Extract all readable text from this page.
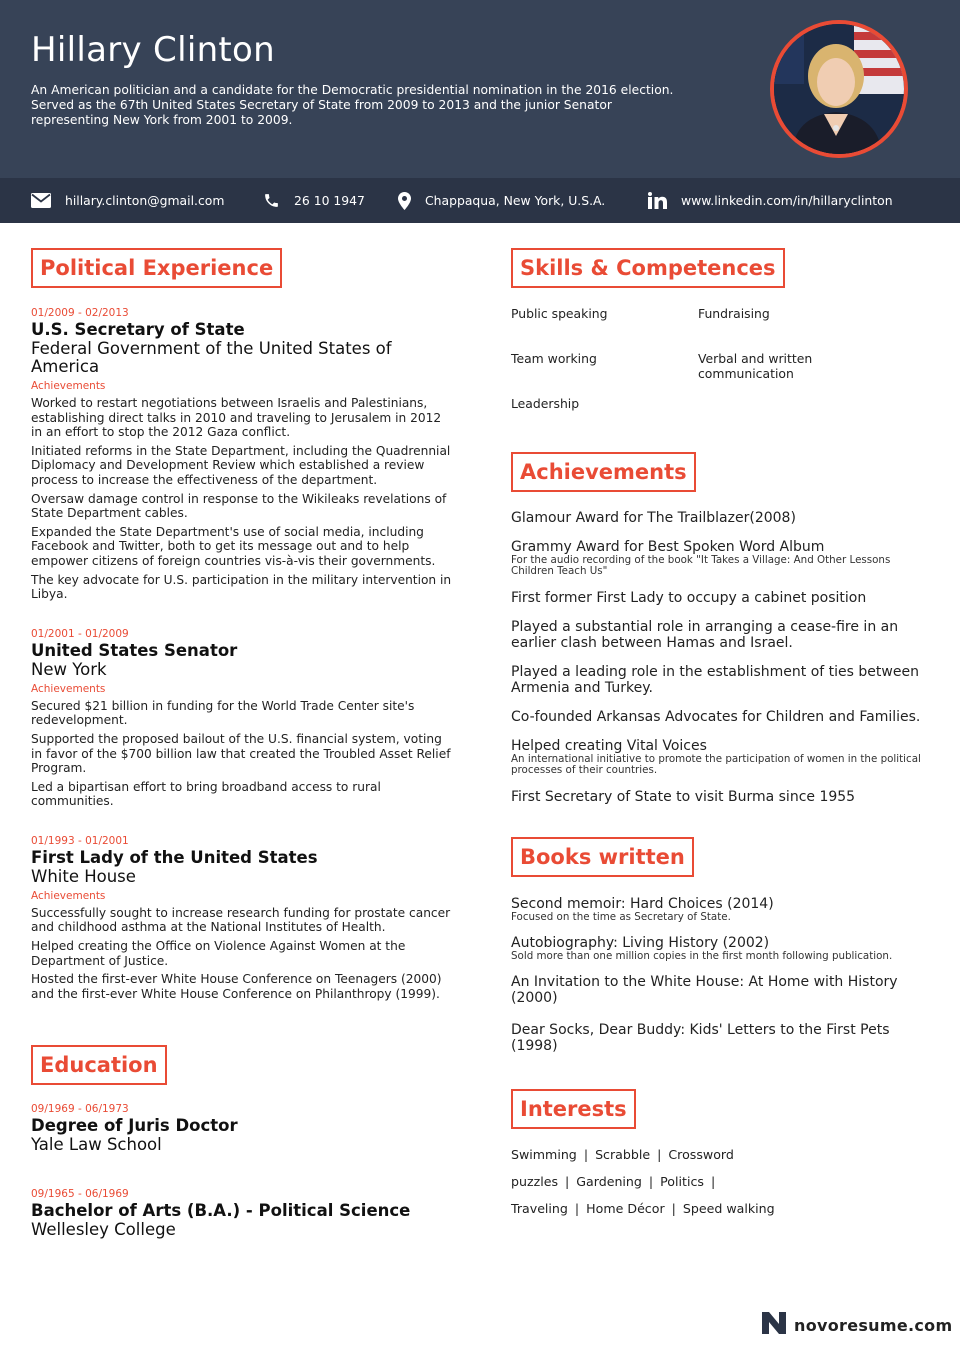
Hillary Clinton

An American politician and a candidate for the Democratic presidential nomination in the 2016 election. Served as the 67th United States Secretary of State from 2009 to 2013 and the junior Senator representing New York from 2001 to 2009.

hillary.clinton@gmail.com	26 10 1947	Chappaqua, New York, U.S.A.	www.linkedin.com/in/hillaryclinton
Political Experience
01/2009 - 02/2013
U.S. Secretary of State
Federal Government of the United States of America
Achievements
Worked to restart negotiations between Israelis and Palestinians, establishing direct talks in 2010 and traveling to Jerusalem in 2012 in an effort to stop the 2012 Gaza conflict.
Initiated reforms in the State Department, including the Quadrennial Diplomacy and Development Review which established a review process to increase the effectiveness of the department.
Oversaw damage control in response to the Wikileaks revelations of State Department cables.
Expanded the State Department's use of social media, including Facebook and Twitter, both to get its message out and to help empower citizens of foreign countries vis-à-vis their governments.
The key advocate for U.S. participation in the military intervention in Libya.
01/2001 - 01/2009
United States Senator
New York
Achievements
Secured $21 billion in funding for the World Trade Center site's redevelopment.
Supported the proposed bailout of the U.S. financial system, voting in favor of the $700 billion law that created the Troubled Asset Relief Program.
Led a bipartisan effort to bring broadband access to rural communities.
01/1993 - 01/2001
First Lady of the United States
White House
Achievements
Successfully sought to increase research funding for prostate cancer and childhood asthma at the National Institutes of Health.
Helped creating the Office on Violence Against Women at the Department of Justice.
Hosted the first-ever White House Conference on Teenagers (2000) and the first-ever White House Conference on Philanthropy (1999).
Education
09/1969 - 06/1973
Degree of Juris Doctor
Yale Law School
09/1965 - 06/1969
Bachelor of Arts (B.A.) - Political Science
Wellesley College
Skills & Competences
Public speaking	Fundraising
Team working	Verbal and written communication
Leadership
Achievements
Glamour Award for The Trailblazer(2008)
Grammy Award for Best Spoken Word Album
For the audio recording of the book "It Takes a Village: And Other Lessons Children Teach Us"
First former First Lady to occupy a cabinet position
Played a substantial role in arranging a cease-fire in an earlier clash between Hamas and Israel.
Played a leading role in the establishment of ties between Armenia and Turkey.
Co-founded Arkansas Advocates for Children and Families.
Helped creating Vital Voices
An international initiative to promote the participation of women in the political processes of their countries.
First Secretary of State to visit Burma since 1955
Books written
Second memoir: Hard Choices (2014)
Focused on the time as Secretary of State.
Autobiography: Living History (2002)
Sold more than one million copies in the first month following publication.
An Invitation to the White House: At Home with History (2000)
Dear Socks, Dear Buddy: Kids' Letters to the First Pets (1998)
Interests
Swimming | Scrabble | Crossword puzzles | Gardening | Politics |
Traveling | Home Décor | Speed walking
novoresume.com
